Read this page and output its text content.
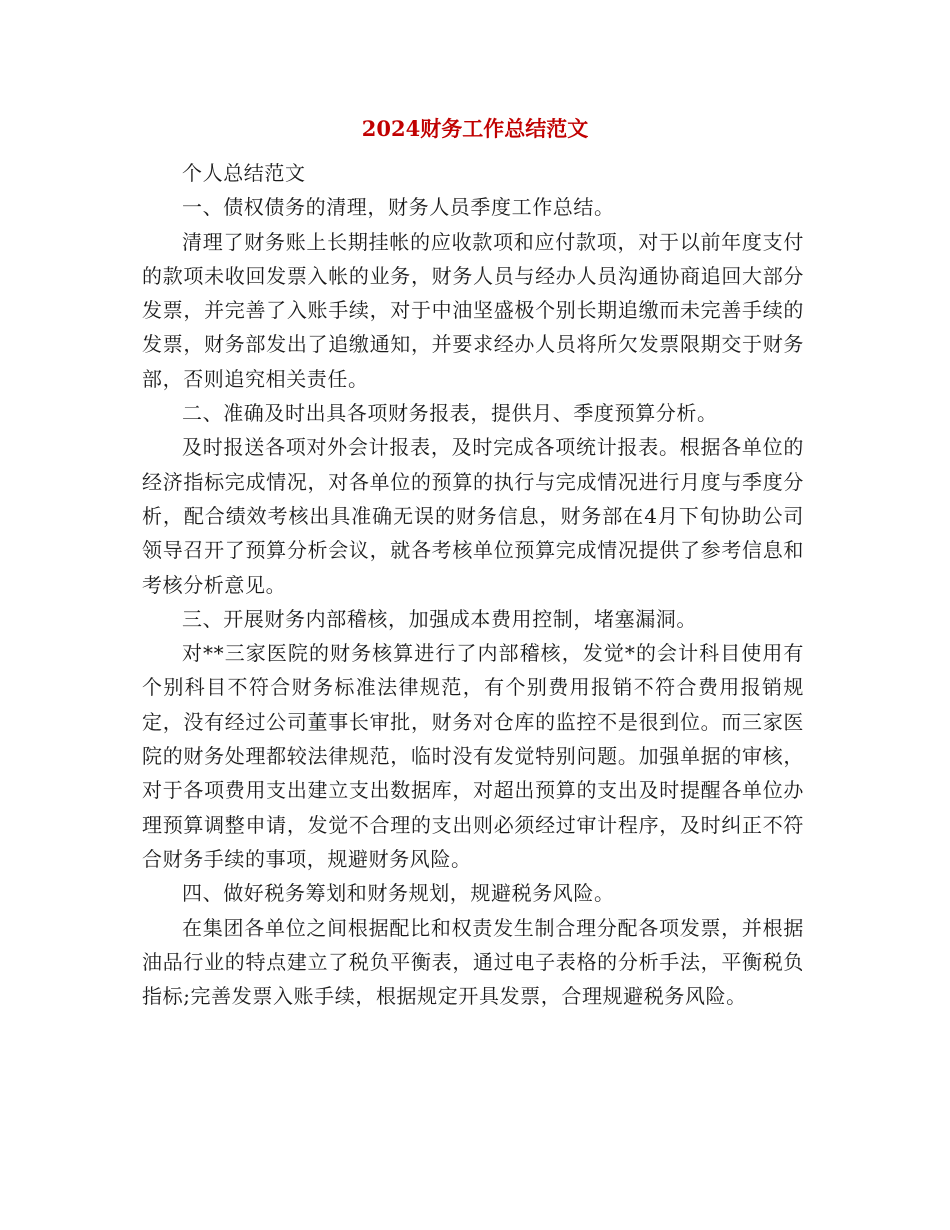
2024财务工作总结范文

个人总结范文

一、债权债务的清理，财务人员季度工作总结。

清理了财务账上长期挂帐的应收款项和应付款项，对于以前年度支付的款项未收回发票入帐的业务，财务人员与经办人员沟通协商追回大部分发票，并完善了入账手续，对于中油坚盛极个别长期追缴而未完善手续的发票，财务部发出了追缴通知，并要求经办人员将所欠发票限期交于财务部，否则追究相关责任。

二、准确及时出具各项财务报表，提供月、季度预算分析。

及时报送各项对外会计报表，及时完成各项统计报表。根据各单位的经济指标完成情况，对各单位的预算的执行与完成情况进行月度与季度分析，配合绩效考核出具准确无误的财务信息，财务部在4月下旬协助公司领导召开了预算分析会议，就各考核单位预算完成情况提供了参考信息和考核分析意见。

三、开展财务内部稽核，加强成本费用控制，堵塞漏洞。

对**三家医院的财务核算进行了内部稽核，发觉*的会计科目使用有个别科目不符合财务标准法律规范，有个别费用报销不符合费用报销规定，没有经过公司董事长审批，财务对仓库的监控不是很到位。而三家医院的财务处理都较法律规范，临时没有发觉特别问题。加强单据的审核，对于各项费用支出建立支出数据库，对超出预算的支出及时提醒各单位办理预算调整申请，发觉不合理的支出则必须经过审计程序，及时纠正不符合财务手续的事项，规避财务风险。

四、做好税务筹划和财务规划，规避税务风险。

在集团各单位之间根据配比和权责发生制合理分配各项发票，并根据油品行业的特点建立了税负平衡表，通过电子表格的分析手法，平衡税负指标;完善发票入账手续，根据规定开具发票，合理规避税务风险。
